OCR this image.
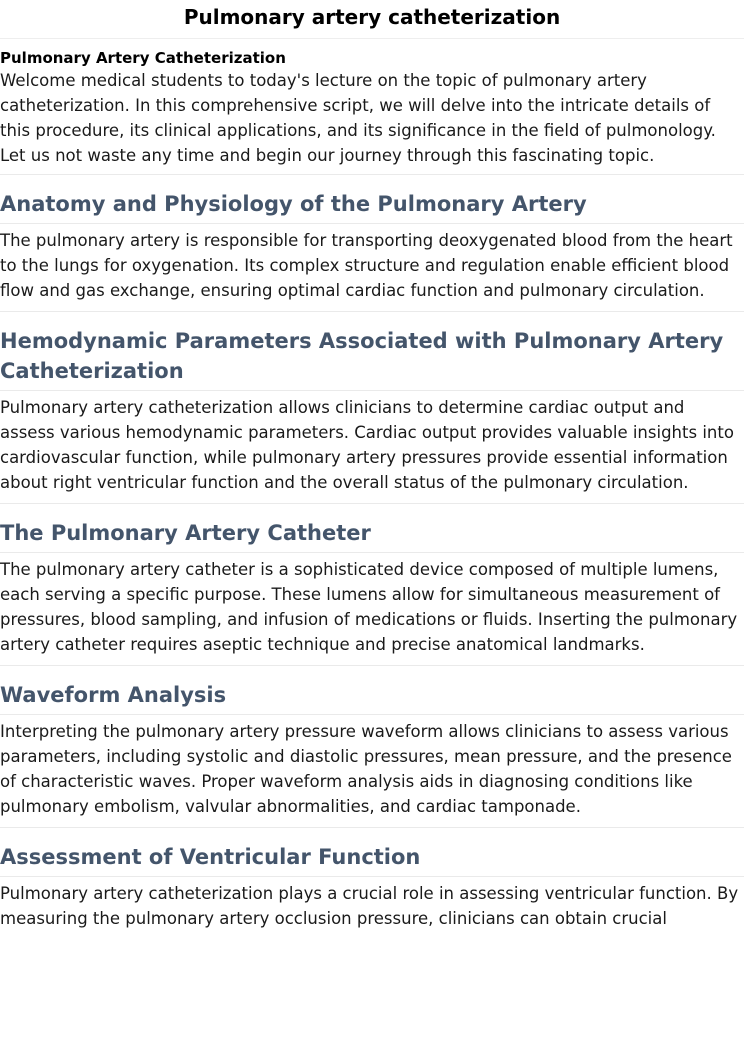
Pulmonary artery catheterization
Pulmonary Artery Catheterization

Welcome medical students to today's lecture on the topic of pulmonary artery catheterization. In this comprehensive script, we will delve into the intricate details of this procedure, its clinical applications, and its significance in the field of pulmonology. Let us not waste any time and begin our journey through this fascinating topic.

Anatomy and Physiology of the Pulmonary Artery

The pulmonary artery is responsible for transporting deoxygenated blood from the heart to the lungs for oxygenation. Its complex structure and regulation enable efficient blood flow and gas exchange, ensuring optimal cardiac function and pulmonary circulation.

Hemodynamic Parameters Associated with Pulmonary Artery Catheterization

Pulmonary artery catheterization allows clinicians to determine cardiac output and assess various hemodynamic parameters. Cardiac output provides valuable insights into cardiovascular function, while pulmonary artery pressures provide essential information about right ventricular function and the overall status of the pulmonary circulation.

The Pulmonary Artery Catheter

The pulmonary artery catheter is a sophisticated device composed of multiple lumens, each serving a specific purpose. These lumens allow for simultaneous measurement of pressures, blood sampling, and infusion of medications or fluids. Inserting the pulmonary artery catheter requires aseptic technique and precise anatomical landmarks.

Waveform Analysis

Interpreting the pulmonary artery pressure waveform allows clinicians to assess various parameters, including systolic and diastolic pressures, mean pressure, and the presence of characteristic waves. Proper waveform analysis aids in diagnosing conditions like pulmonary embolism, valvular abnormalities, and cardiac tamponade.

Assessment of Ventricular Function

Pulmonary artery catheterization plays a crucial role in assessing ventricular function. By measuring the pulmonary artery occlusion pressure, clinicians can obtain crucial
